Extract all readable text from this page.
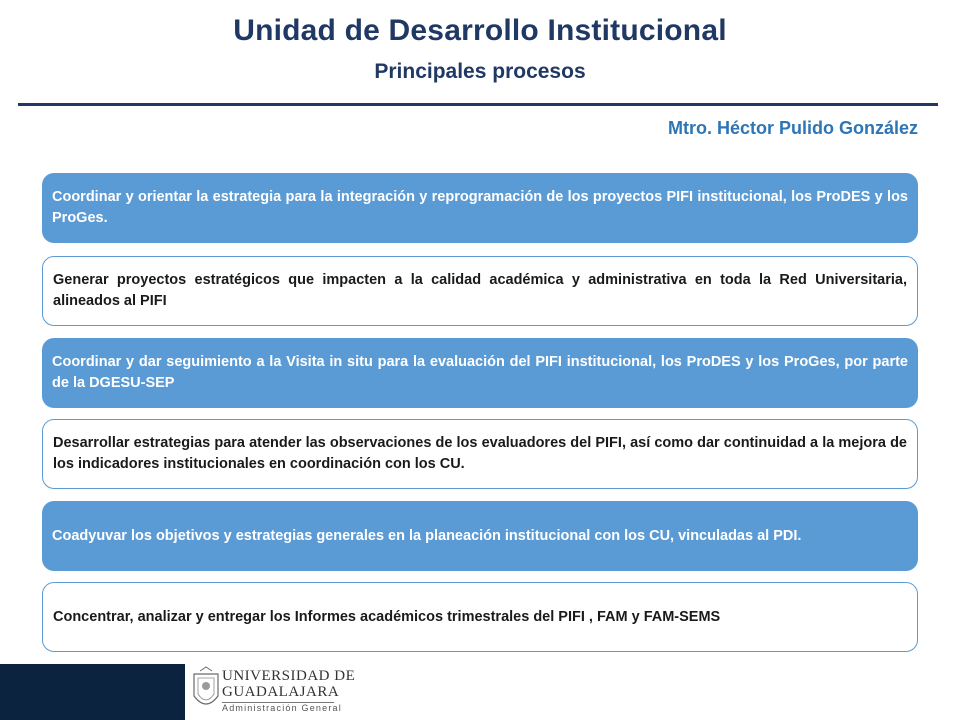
Unidad de Desarrollo Institucional
Principales procesos
Mtro. Héctor Pulido González
Coordinar y orientar la estrategia para la integración y reprogramación de los proyectos PIFI institucional, los ProDES y los ProGes.
Generar proyectos estratégicos que impacten a la calidad académica y administrativa en toda la Red Universitaria, alineados al PIFI
Coordinar y dar seguimiento a la Visita in situ para la evaluación del PIFI institucional, los ProDES y los ProGes, por parte de la DGESU-SEP
Desarrollar estrategias para atender las observaciones de los evaluadores del PIFI, así como dar continuidad a la mejora de los indicadores institucionales en coordinación con los CU.
Coadyuvar los objetivos y estrategias generales en la planeación institucional con los CU, vinculadas al PDI.
Concentrar, analizar y entregar los Informes académicos trimestrales del PIFI , FAM y FAM-SEMS
UNIVERSIDAD DE
GUADALAJARA
Administración General
